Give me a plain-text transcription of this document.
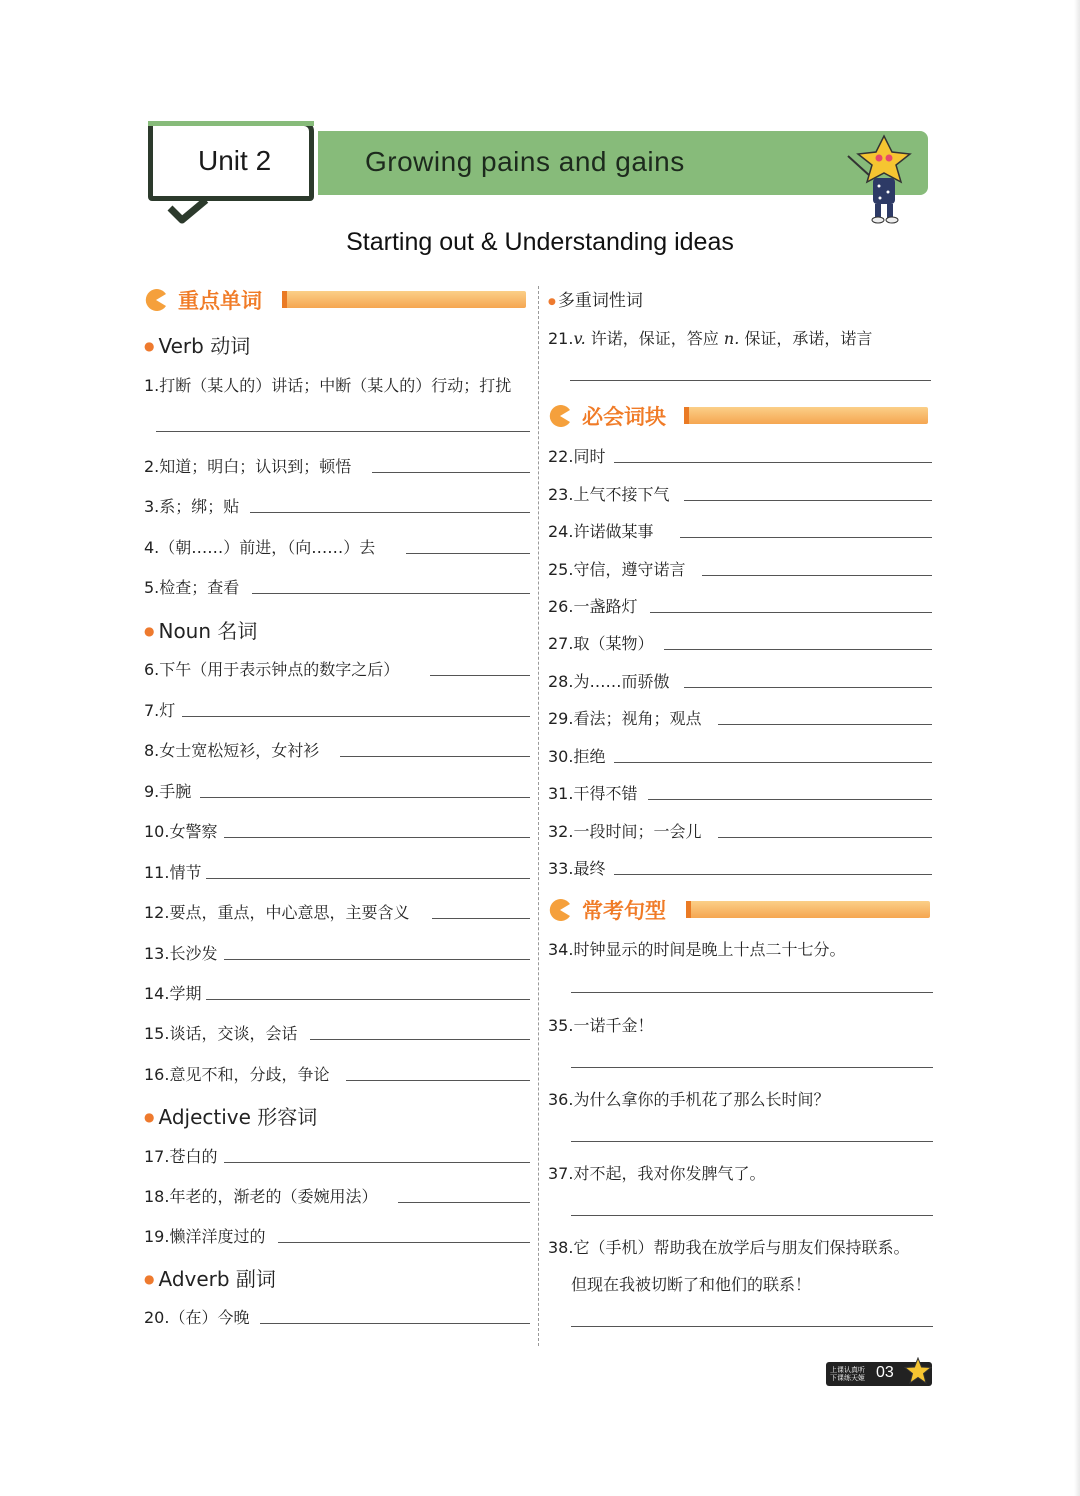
Growing pains and gains
Unit 2
Starting out & Understanding ideas
重点单词
● Verb 动词
1.打断（某人的）讲话；中断（某人的）行动；打扰
2.知道；明白；认识到；顿悟
3.系；绑；贴
4.（朝……）前进，（向……）去
5.检查；查看
● Noun 名词
6.下午（用于表示钟点的数字之后）
7.灯
8.女士宽松短衫，女衬衫
9.手腕
10.女警察
11.情节
12.要点，重点，中心意思，主要含义
13.长沙发
14.学期
15.谈话，交谈，会话
16.意见不和，分歧，争论
● Adjective 形容词
17.苍白的
18.年老的，渐老的（委婉用法）
19.懒洋洋度过的
● Adverb 副词
20.（在）今晚
● 多重词性词
21.v. 许诺，保证，答应 n. 保证，承诺，诺言
必会词块
22.同时
23.上气不接下气
24.许诺做某事
25.守信，遵守诺言
26.一盏路灯
27.取（某物）
28.为……而骄傲
29.看法；视角；观点
30.拒绝
31.干得不错
32.一段时间；一会儿
33.最终
常考句型
34.时钟显示的时间是晚上十点二十七分。
35.一诺千金！
36.为什么拿你的手机花了那么长时间？
37.对不起，我对你发脾气了。
38.它（手机）帮助我在放学后与朋友们保持联系。
但现在我被切断了和他们的联系！
上课认真听
下课练天姬 03
